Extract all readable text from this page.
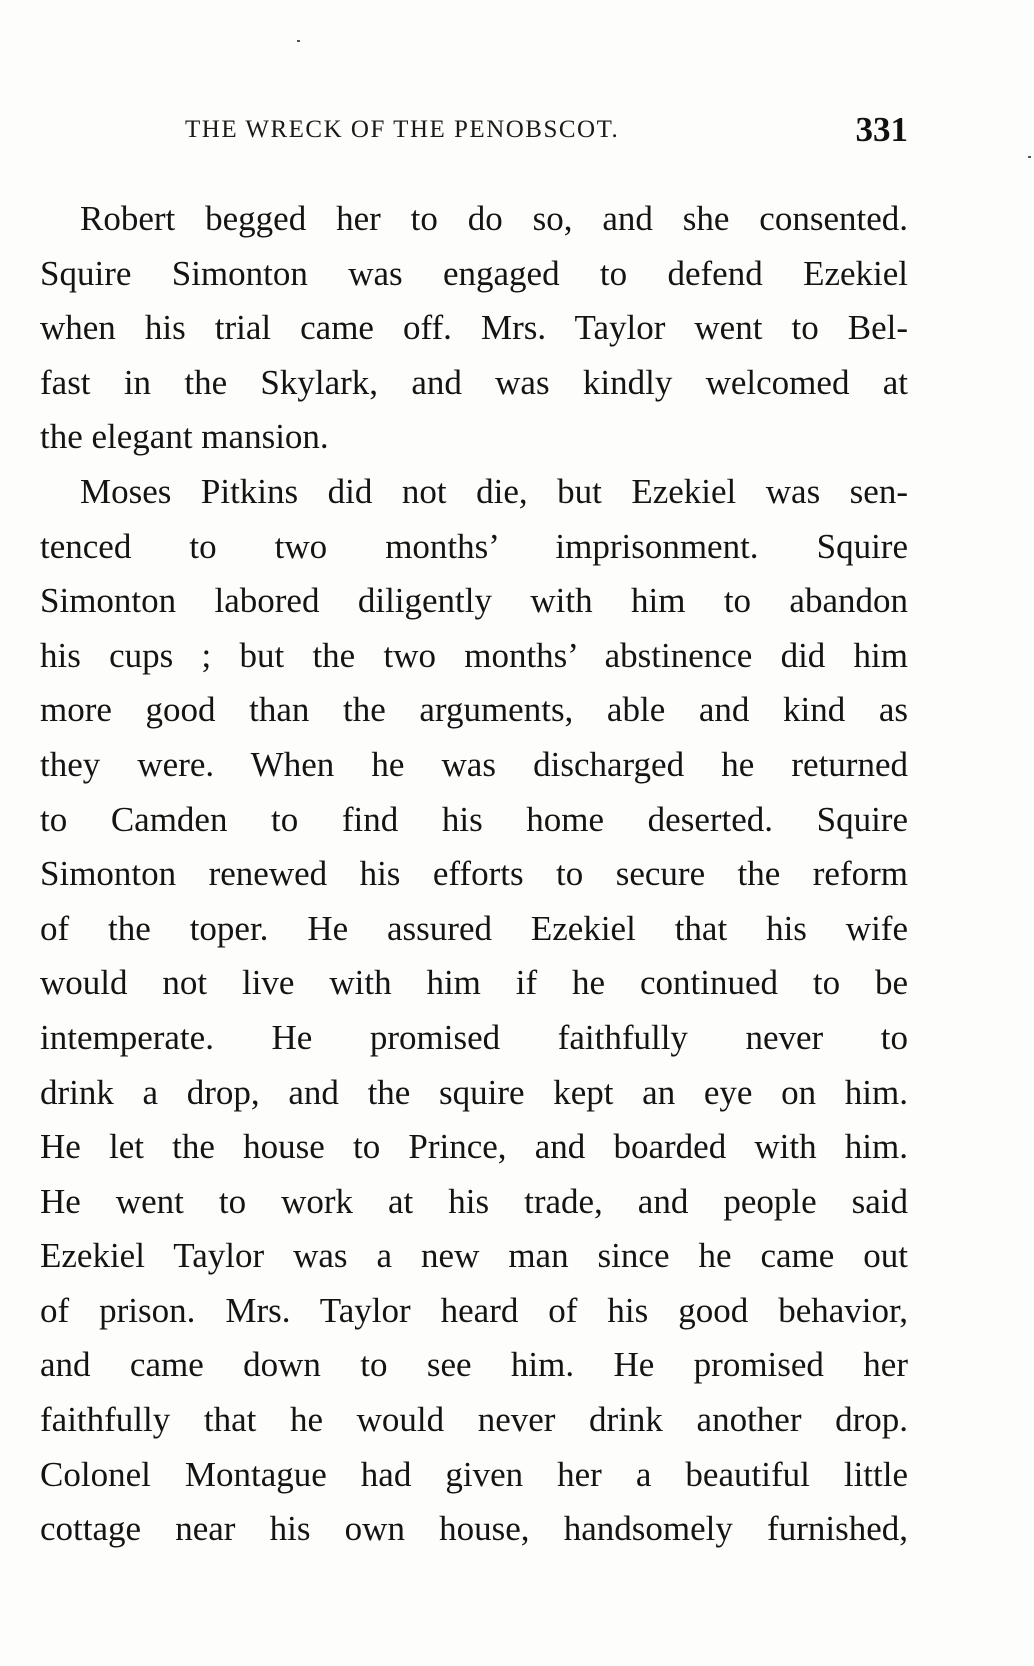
THE WRECK OF THE PENOBSCOT.	331
Robert begged her to do so, and she consented.
Squire Simonton was engaged to defend Ezekiel
when his trial came off. Mrs. Taylor went to Bel-
fast in the Skylark, and was kindly welcomed at
the elegant mansion.
Moses Pitkins did not die, but Ezekiel was sen-
tenced to two months’ imprisonment. Squire
Simonton labored diligently with him to abandon
his cups ; but the two months’ abstinence did him
more good than the arguments, able and kind as
they were. When he was discharged he returned
to Camden to find his home deserted. Squire
Simonton renewed his efforts to secure the reform
of the toper. He assured Ezekiel that his wife
would not live with him if he continued to be
intemperate. He promised faithfully never to
drink a drop, and the squire kept an eye on him.
He let the house to Prince, and boarded with him.
He went to work at his trade, and people said
Ezekiel Taylor was a new man since he came out
of prison. Mrs. Taylor heard of his good behavior,
and came down to see him. He promised her
faithfully that he would never drink another drop.
Colonel Montague had given her a beautiful little
cottage near his own house, handsomely furnished,
